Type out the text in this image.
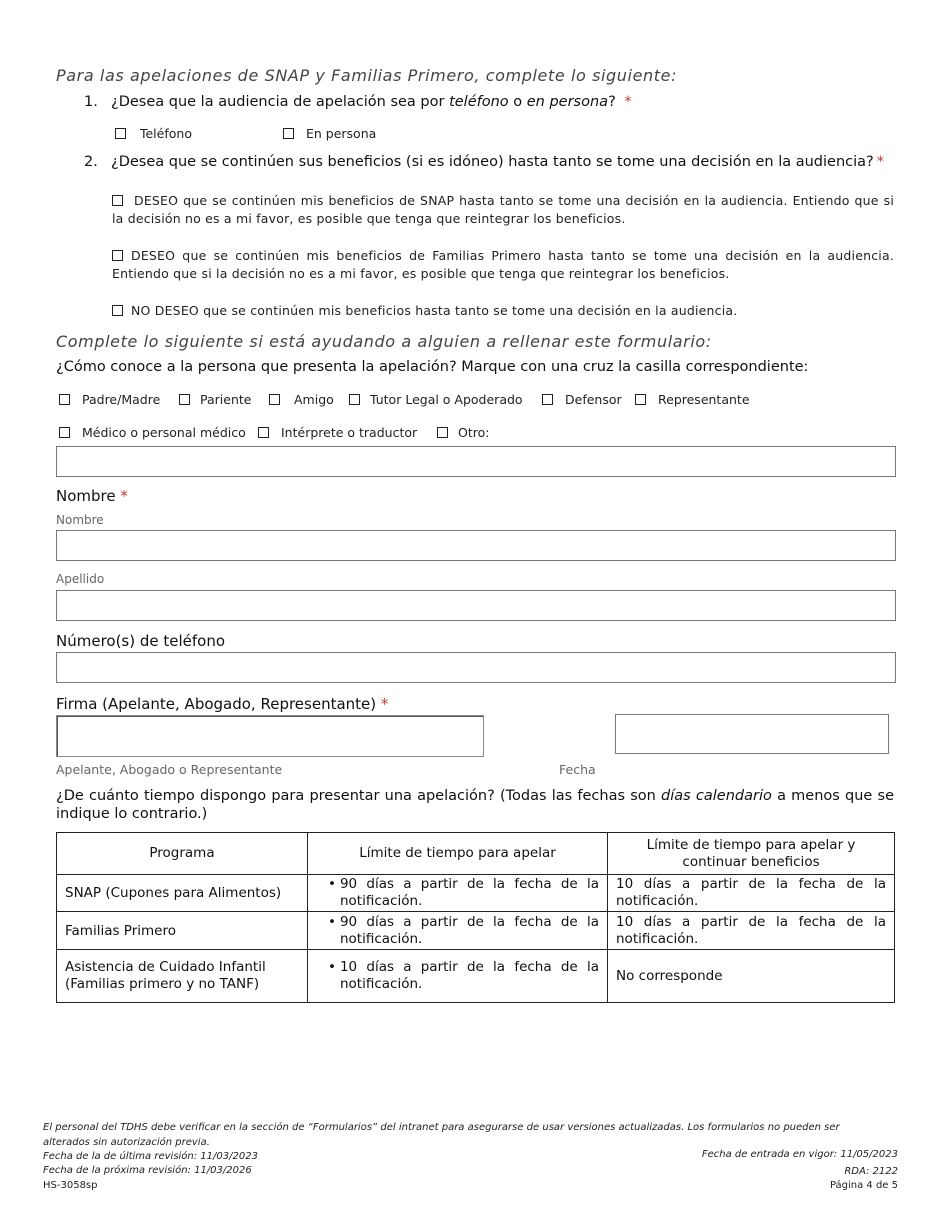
Para las apelaciones de SNAP y Familias Primero, complete lo siguiente:
1. ¿Desea que la audiencia de apelación sea por teléfono o en persona? *
Teléfono	En persona
2. ¿Desea que se continúen sus beneficios (si es idóneo) hasta tanto se tome una decisión en la audiencia? *
DESEO que se continúen mis beneficios de SNAP hasta tanto se tome una decisión en la audiencia. Entiendo que si la decisión no es a mi favor, es posible que tenga que reintegrar los beneficios.
DESEO que se continúen mis beneficios de Familias Primero hasta tanto se tome una decisión en la audiencia. Entiendo que si la decisión no es a mi favor, es posible que tenga que reintegrar los beneficios.
NO DESEO que se continúen mis beneficios hasta tanto se tome una decisión en la audiencia.
Complete lo siguiente si está ayudando a alguien a rellenar este formulario:
¿Cómo conoce a la persona que presenta la apelación? Marque con una cruz la casilla correspondiente:
Padre/Madre	Pariente	Amigo	Tutor Legal o Apoderado	Defensor	Representante
Médico o personal médico	Intérprete o traductor	Otro:
Nombre *
Nombre
Apellido
Número(s) de teléfono
Firma (Apelante, Abogado, Representante) *
Apelante, Abogado o Representante	Fecha
¿De cuánto tiempo dispongo para presentar una apelación? (Todas las fechas son días calendario a menos que se indique lo contrario.)
Programa	Límite de tiempo para apelar	Límite de tiempo para apelar y continuar beneficios
SNAP (Cupones para Alimentos)	• 90 días a partir de la fecha de la notificación.	10 días a partir de la fecha de la notificación.
Familias Primero	• 90 días a partir de la fecha de la notificación.	10 días a partir de la fecha de la notificación.
Asistencia de Cuidado Infantil (Familias primero y no TANF)	• 10 días a partir de la fecha de la notificación.	No corresponde
El personal del TDHS debe verificar en la sección de “Formularios” del intranet para asegurarse de usar versiones actualizadas. Los formularios no pueden ser alterados sin autorización previa.
Fecha de la de última revisión: 11/03/2023
Fecha de la próxima revisión: 11/03/2026
HS-3058sp
Fecha de entrada en vigor: 11/05/2023
RDA: 2122
Página 4 de 5
